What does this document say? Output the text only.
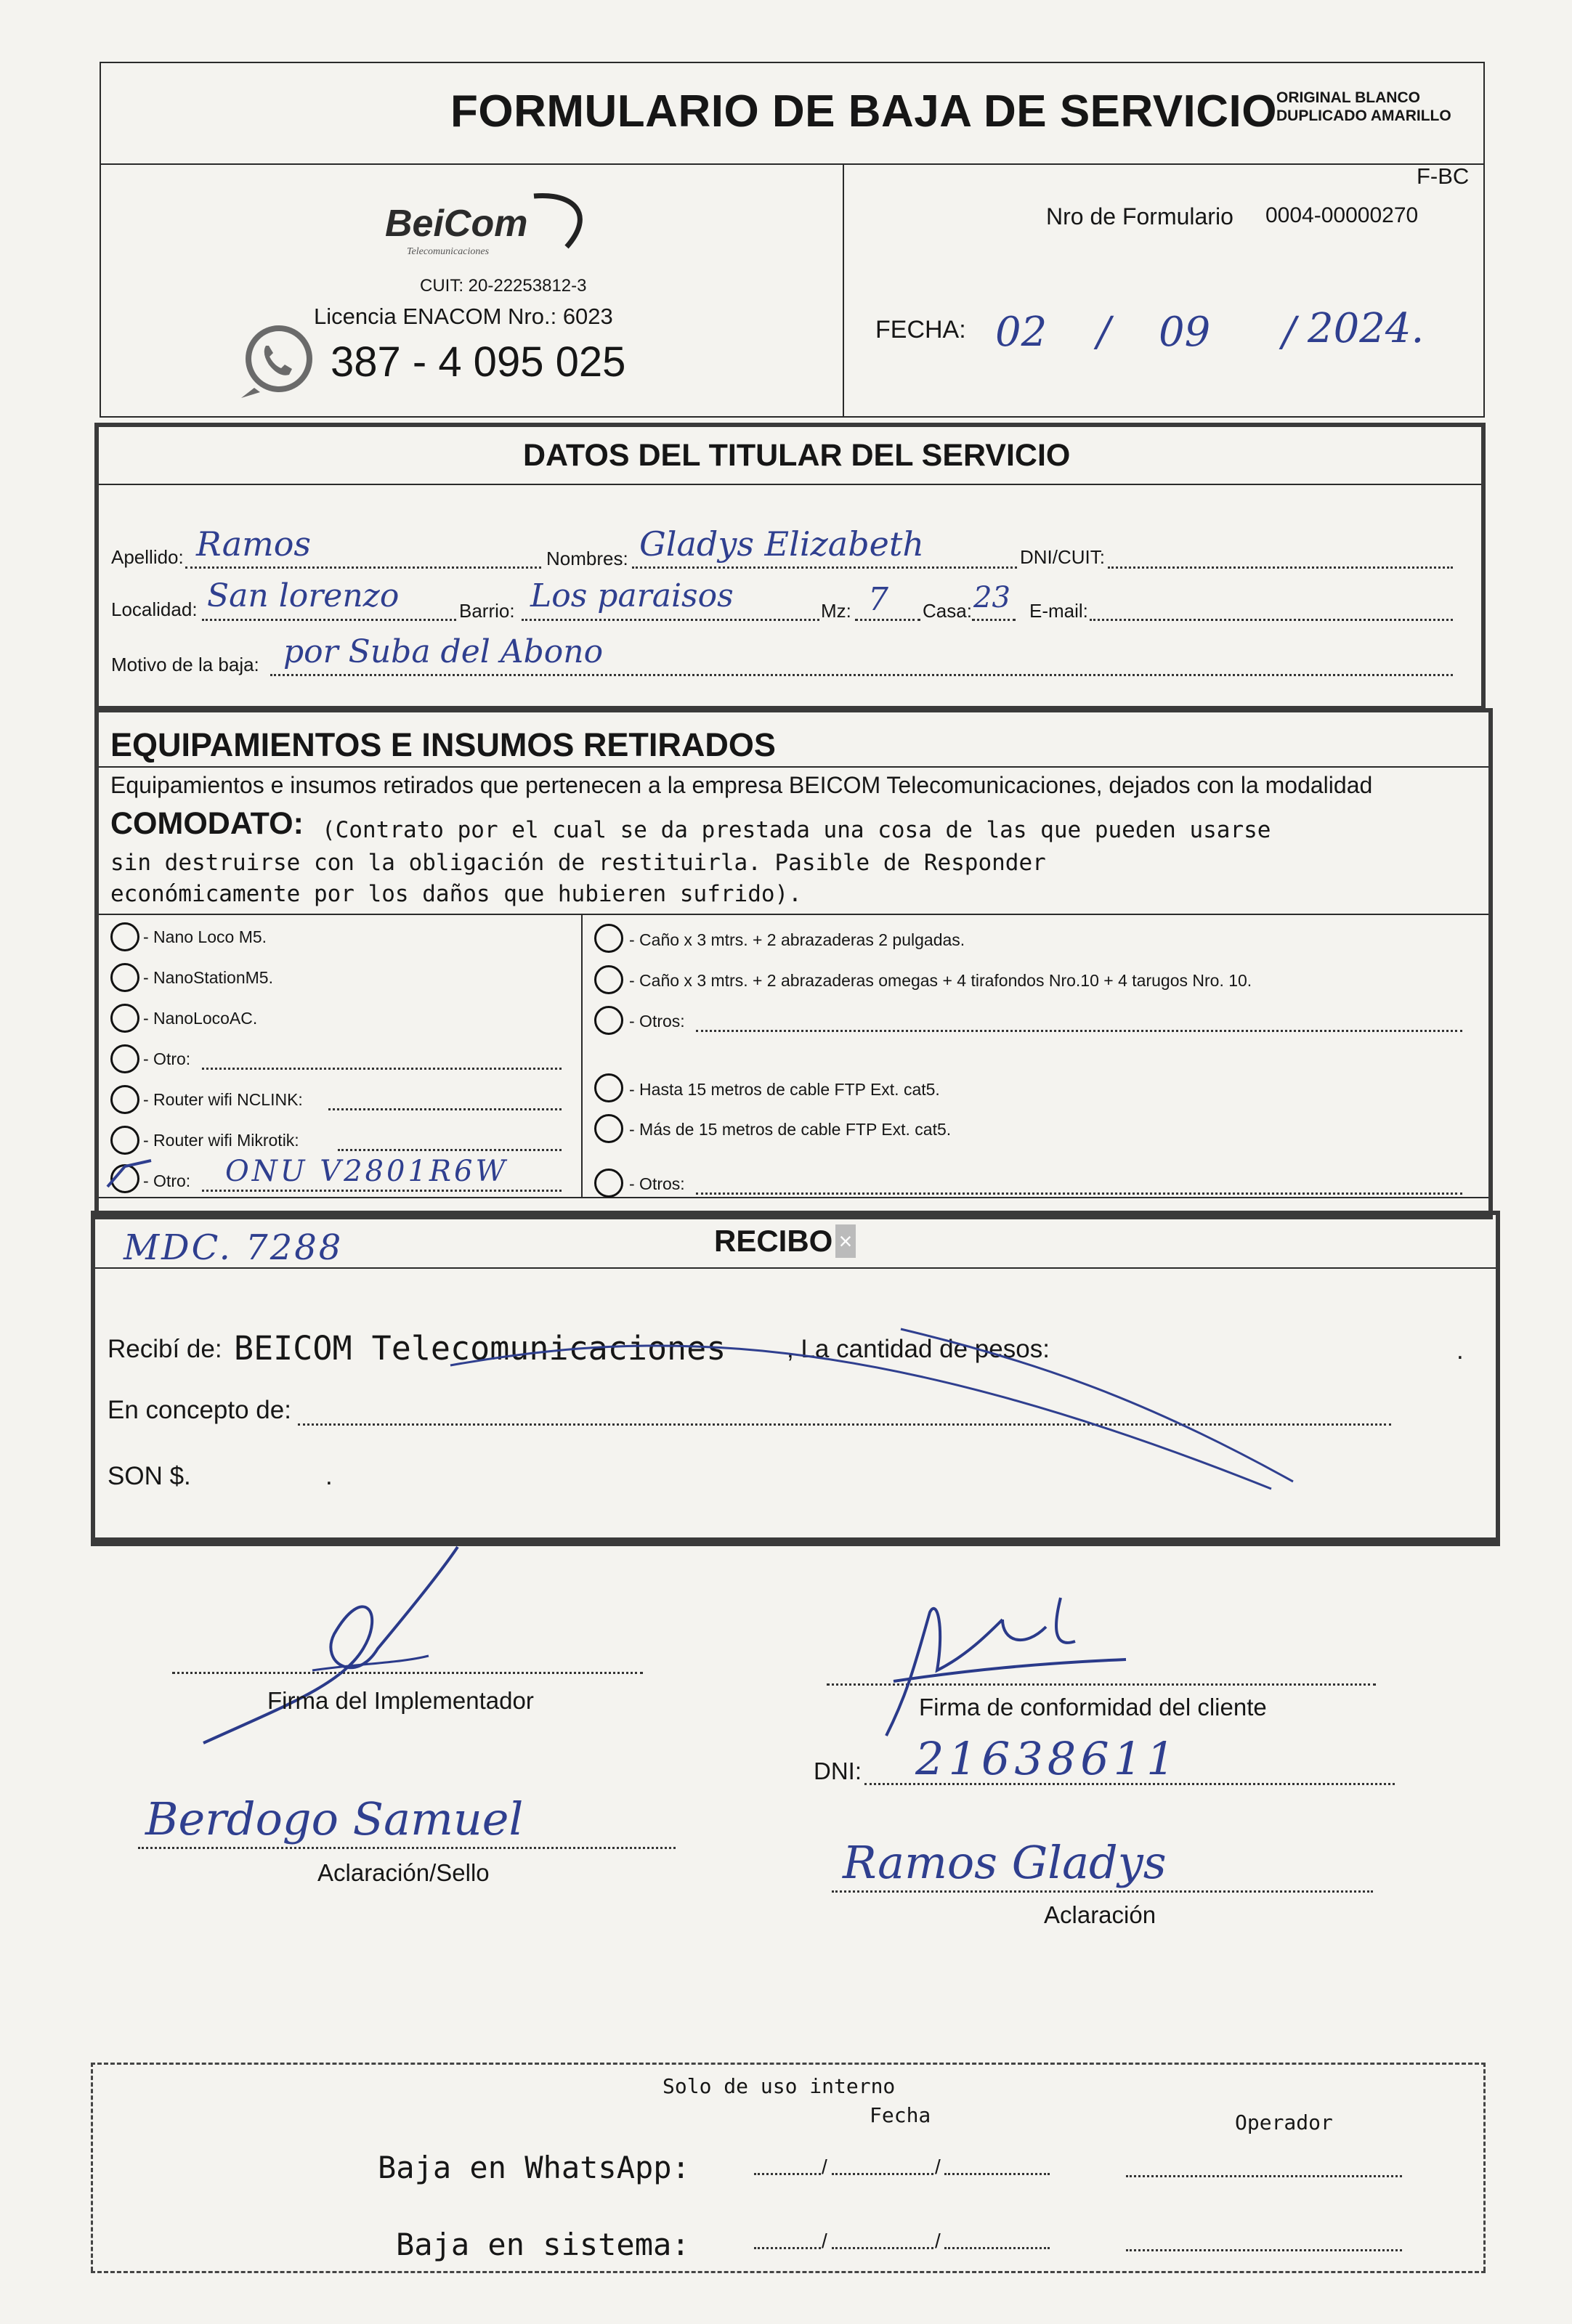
FORMULARIO DE BAJA DE SERVICIO ORIGINAL BLANCO
DUPLICADO AMARILLO
BeiCom
Telecomunicaciones
CUIT: 20-22253812-3
Licencia ENACOM Nro.: 6023
387 - 4 095 025
F-BC
Nro de Formulario 0004-00000270
FECHA: 02 / 09 / 2024.
DATOS DEL TITULAR DEL SERVICIO
Apellido: Ramos	Nombres: Gladys Elizabeth	DNI/CUIT:
Localidad: San lorenzo	Barrio: Los paraisos	Mz: 7 Casa: 23 E-mail:
Motivo de la baja: por Suba del Abono
EQUIPAMIENTOS E INSUMOS RETIRADOS
Equipamientos e insumos retirados que pertenecen a la empresa BEICOM Telecomunicaciones, dejados con la modalidad
COMODATO: (Contrato por el cual se da prestada una cosa de las que pueden usarse
sin destruirse con la obligación de restituirla. Pasible de Responder
económicamente por los daños que hubieren sufrido).
- Nano Loco M5.
- NanoStationM5.
- NanoLocoAC.
- Otro:
- Router wifi NCLINK:
- Router wifi Mikrotik:
- Otro: ONU V2801R6W
- Caño x 3 mtrs. + 2 abrazaderas 2 pulgadas.
- Caño x 3 mtrs. + 2 abrazaderas omegas + 4 tirafondos Nro.10 + 4 tarugos Nro. 10.
- Otros:
- Hasta 15 metros de cable FTP Ext. cat5.
- Más de 15 metros de cable FTP Ext. cat5.
- Otros:
MDC. 7288	RECIBO ×
Recibí de: BEICOM Telecomunicaciones , La cantidad de pesos:	.
En concepto de:
SON $.	.
Firma del Implementador
Berdogo Samuel
Aclaración/Sello
Firma de conformidad del cliente
DNI: 21638611
Ramos Gladys
Aclaración
Solo de uso interno
Fecha	Operador
Baja en WhatsApp:	/	/
Baja en sistema:	/	/
